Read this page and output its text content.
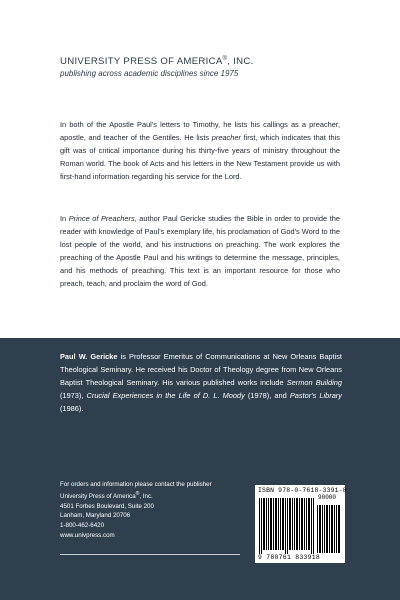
UNIVERSITY PRESS OF AMERICA®, INC.
publishing across academic disciplines since 1975
In both of the Apostle Paul's letters to Timothy, he lists his callings as a preacher, apostle, and teacher of the Gentiles. He lists preacher first, which indicates that this gift was of critical importance during his thirty-five years of ministry throughout the Roman world. The book of Acts and his letters in the New Testament provide us with first-hand information regarding his service for the Lord.
In Prince of Preachers, author Paul Gericke studies the Bible in order to provide the reader with knowledge of Paul's exemplary life, his proclamation of God's Word to the lost people of the world, and his instructions on preaching. The work explores the preaching of the Apostle Paul and his writings to determine the message, principles, and his methods of preaching. This text is an important resource for those who preach, teach, and proclaim the word of God.
Paul W. Gericke is Professor Emeritus of Communications at New Orleans Baptist Theological Seminary. He received his Doctor of Theology degree from New Orleans Baptist Theological Seminary. His various published works include Sermon Building (1973), Crucial Experiences in the Life of D. L. Moody (1978), and Pastor's Library (1986).
For orders and information please contact the publisher
University Press of America®, Inc.
4501 Forbes Boulevard, Suite 200
Lanham, Maryland 20706
1-800-462-6420
www.univpress.com
ISBN 978-0-7618-3391-8
90000
9 780761 833918
